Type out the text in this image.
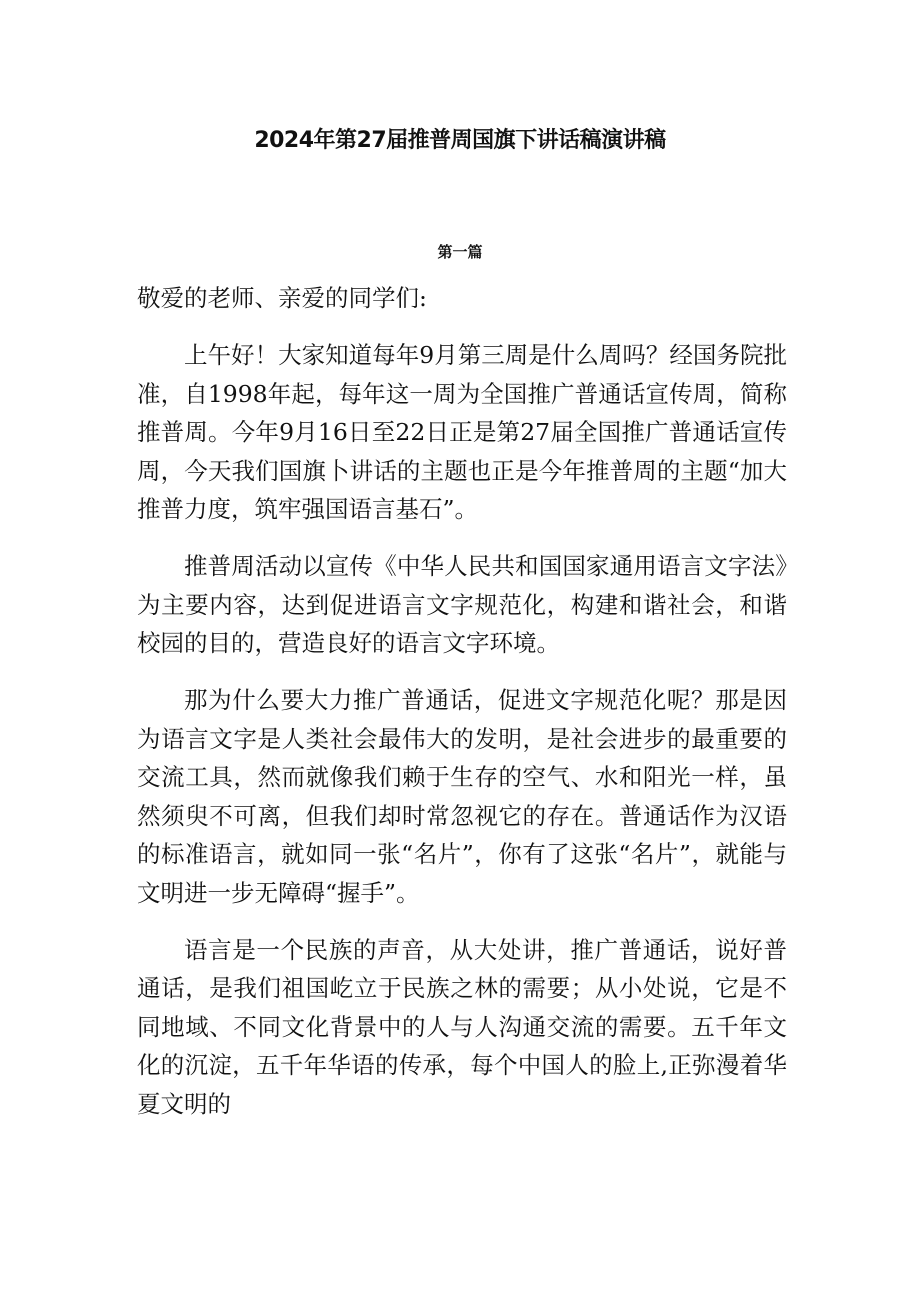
2024年第27届推普周国旗下讲话稿演讲稿
第一篇

敬爱的老师、亲爱的同学们:

上午好！大家知道每年9月第三周是什么周吗？经国务院批准，自1998年起，每年这一周为全国推广普通话宣传周，简称推普周。今年9月16日至22日正是第27届全国推广普通话宣传周，今天我们国旗卜讲话的主题也正是今年推普周的主题“加大推普力度，筑牢强国语言基石”。

推普周活动以宣传《中华人民共和国国家通用语言文字法》为主要内容，达到促进语言文字规范化，构建和谐社会，和谐校园的目的，营造良好的语言文字环境。

那为什么要大力推广普通话，促进文字规范化呢？那是因为语言文字是人类社会最伟大的发明，是社会进步的最重要的交流工具，然而就像我们赖于生存的空气、水和阳光一样，虽然须臾不可离，但我们却时常忽视它的存在。普通话作为汉语的标准语言，就如同一张“名片”，你有了这张“名片”，就能与文明进一步无障碍“握手”。

语言是一个民族的声音，从大处讲，推广普通话，说好普通话，是我们祖国屹立于民族之林的需要；从小处说，它是不同地域、不同文化背景中的人与人沟通交流的需要。五千年文化的沉淀，五千年华语的传承，每个中国人的脸上,正弥漫着华夏文明的
